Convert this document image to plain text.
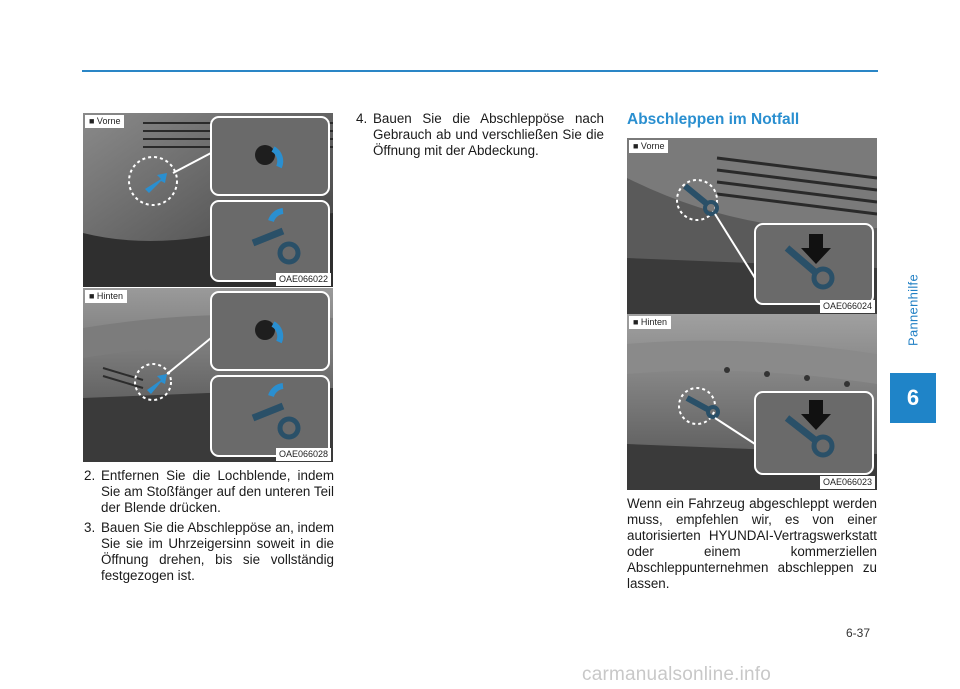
Pannenhilfe
6
■ Vorne
OAE066022
■ Hinten
OAE066028
2. Entfernen Sie die Lochblende, indem Sie am Stoßfänger auf den unteren Teil der Blende drücken.
3. Bauen Sie die Abschleppöse an, indem Sie sie im Uhrzeigersinn soweit in die Öffnung drehen, bis sie vollständig festgezogen ist.
4. Bauen Sie die Abschleppöse nach Gebrauch ab und verschließen Sie die Öffnung mit der Abdeckung.
Abschleppen im Notfall
■ Vorne
OAE066024
■ Hinten
OAE066023
Wenn ein Fahrzeug abgeschleppt werden muss, empfehlen wir, es von einer autorisierten HYUNDAI-Vertragswerkstatt oder einem kommerziellen Abschleppunternehmen abschleppen zu lassen.
6-37
carmanualsonline.info
